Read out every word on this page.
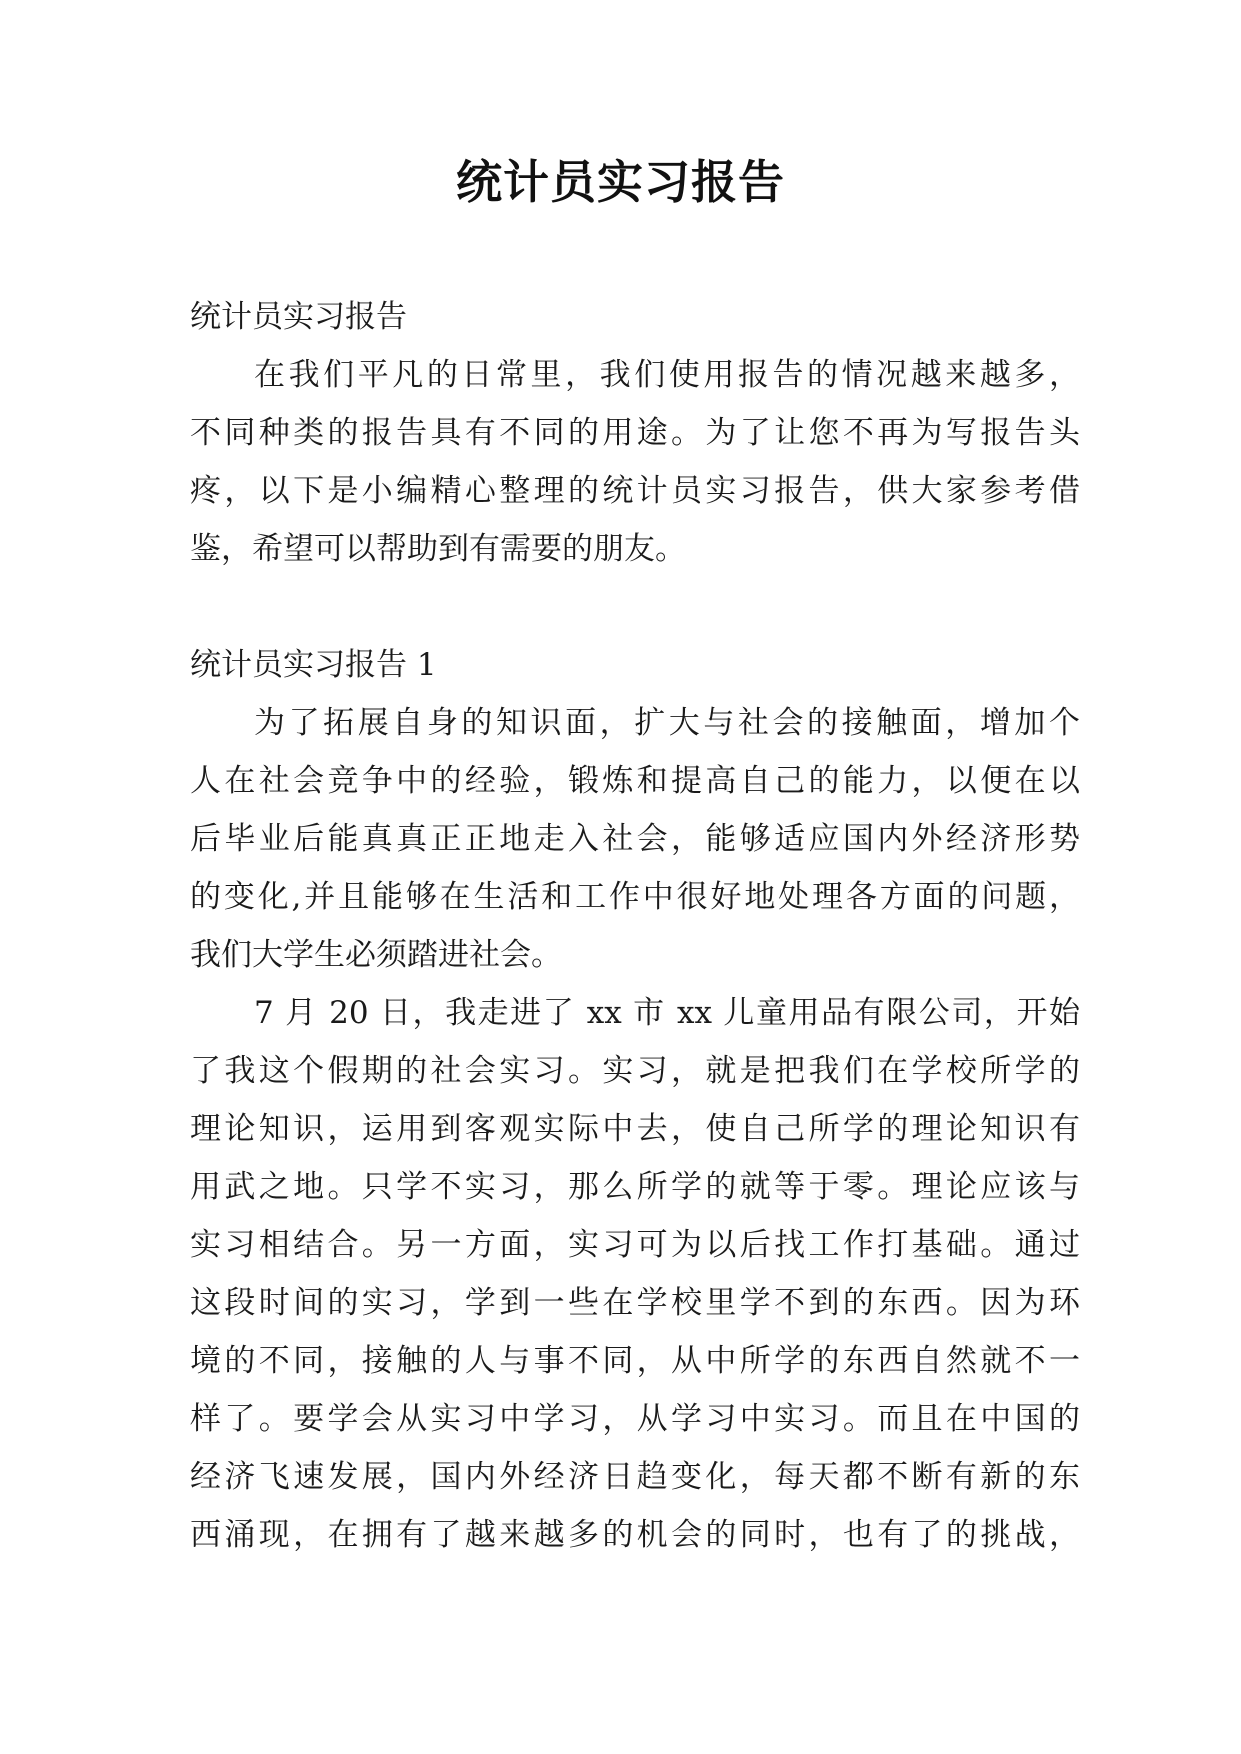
统计员实习报告
统计员实习报告
在我们平凡的日常里，我们使用报告的情况越来越多，
不同种类的报告具有不同的用途。为了让您不再为写报告头
疼，以下是小编精心整理的统计员实习报告，供大家参考借
鉴，希望可以帮助到有需要的朋友。
统计员实习报告 1
为了拓展自身的知识面，扩大与社会的接触面，增加个
人在社会竞争中的经验，锻炼和提高自己的能力，以便在以
后毕业后能真真正正地走入社会，能够适应国内外经济形势
的变化,并且能够在生活和工作中很好地处理各方面的问题，
我们大学生必须踏进社会。
7 月 20 日，我走进了 xx 市 xx 儿童用品有限公司，开始
了我这个假期的社会实习。实习，就是把我们在学校所学的
理论知识，运用到客观实际中去，使自己所学的理论知识有
用武之地。只学不实习，那么所学的就等于零。理论应该与
实习相结合。另一方面，实习可为以后找工作打基础。通过
这段时间的实习，学到一些在学校里学不到的东西。因为环
境的不同，接触的人与事不同，从中所学的东西自然就不一
样了。要学会从实习中学习，从学习中实习。而且在中国的
经济飞速发展，国内外经济日趋变化，每天都不断有新的东
西涌现，在拥有了越来越多的机会的同时，也有了的挑战，
